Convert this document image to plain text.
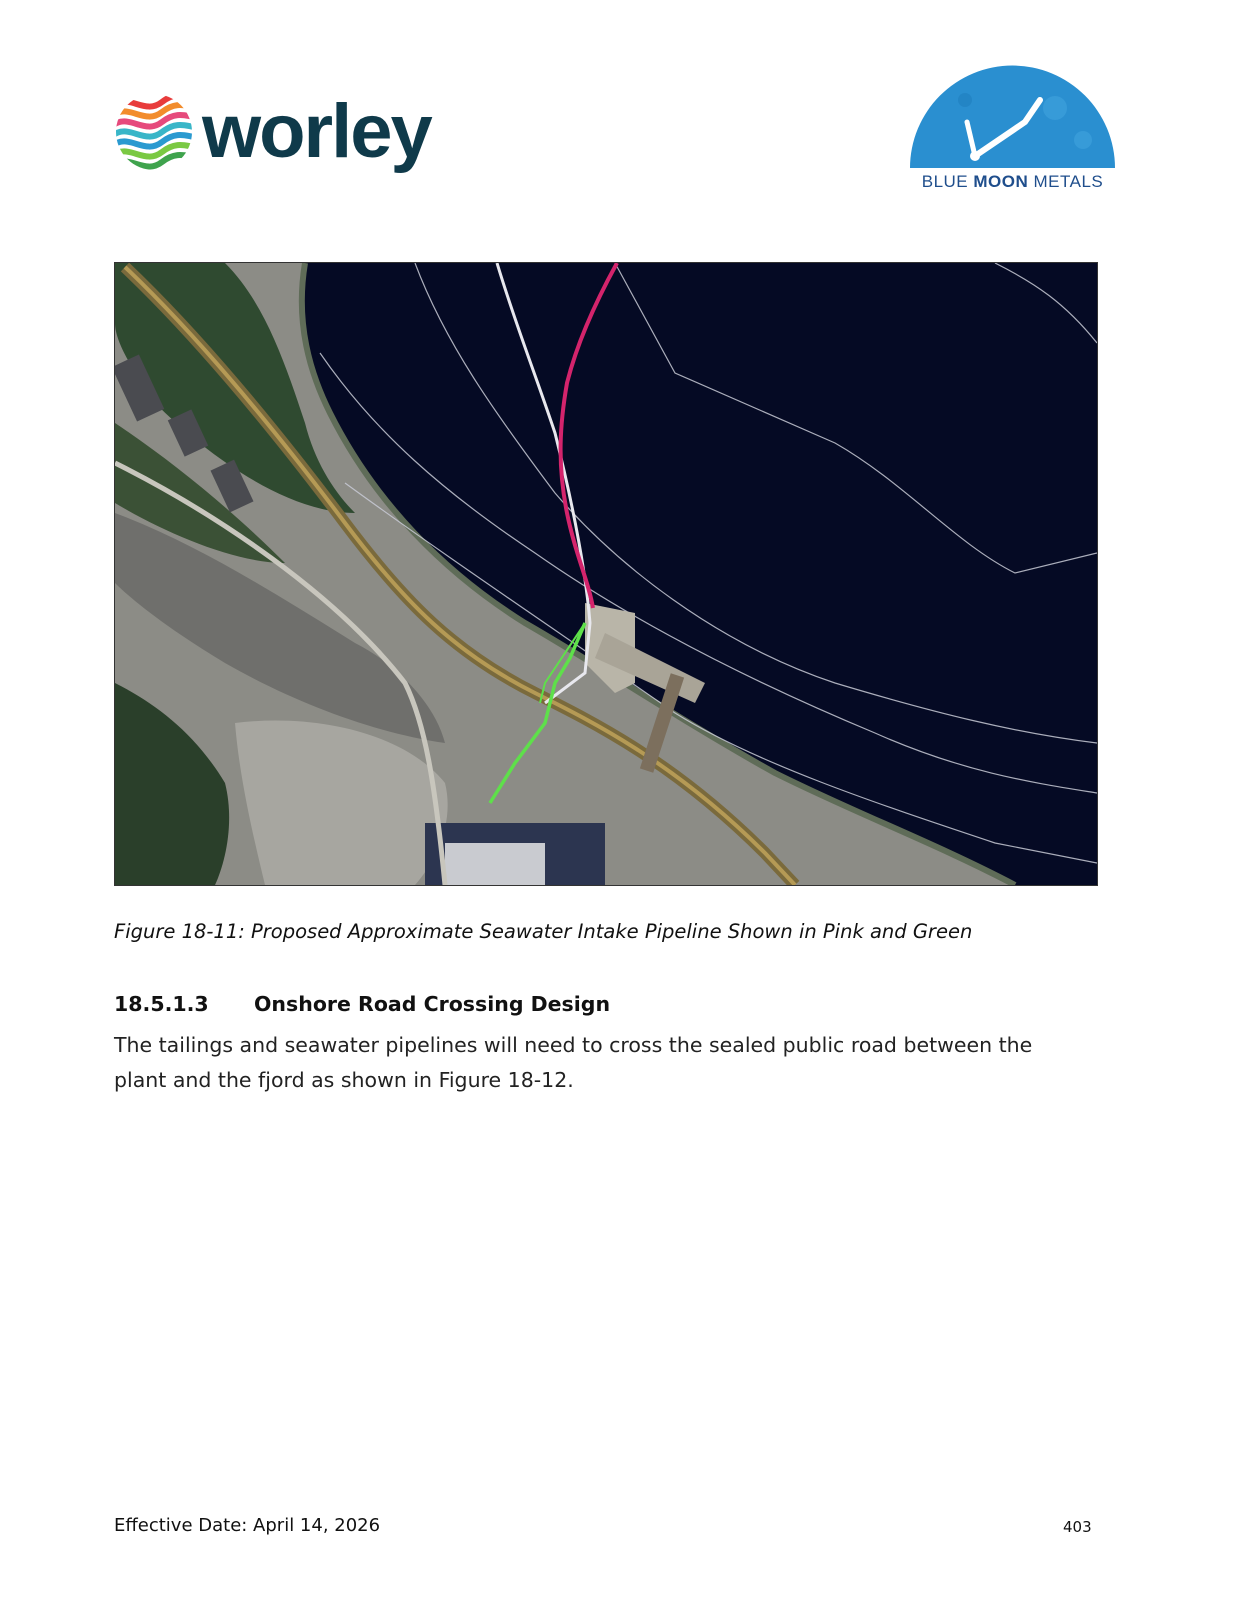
worley
BLUE MOON METALS
Figure 18-11: Proposed Approximate Seawater Intake Pipeline Shown in Pink and Green
18.5.1.3 Onshore Road Crossing Design
The tailings and seawater pipelines will need to cross the sealed public road between the
plant and the fjord as shown in Figure 18-12.
Effective Date: April 14, 2026	403
